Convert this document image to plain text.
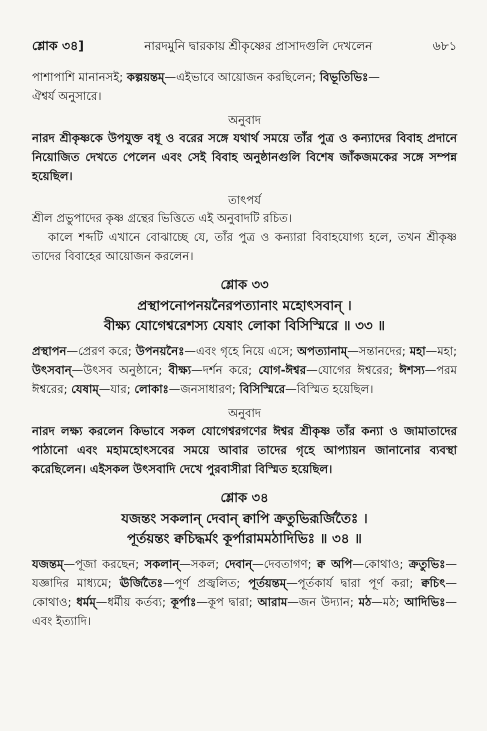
শ্লোক ৩৪]	নারদমুনি দ্বারকায় শ্রীকৃষ্ণের প্রাসাদগুলি দেখলেন	৬৮১

পাশাপাশি মানানসই; কল্পয়ন্তম্—এইভাবে আয়োজন করছিলেন; বিভূতিভিঃ—
ঐশ্বর্য অনুসারে।

অনুবাদ

নারদ শ্রীকৃষ্ণকে উপযুক্ত বধূ ও বরের সঙ্গে যথার্থ সময়ে তাঁর পুত্র ও কন্যাদের বিবাহ প্রদানে নিয়োজিত দেখতে পেলেন এবং সেই বিবাহ অনুষ্ঠানগুলি বিশেষ জাঁকজমকের সঙ্গে সম্পন্ন হয়েছিল।

তাৎপর্য

শ্রীল প্রভুপাদের কৃষ্ণ গ্রন্থের ভিত্তিতে এই অনুবাদটি রচিত।

কালে শব্দটি এখানে বোঝাচ্ছে যে, তাঁর পুত্র ও কন্যারা বিবাহযোগ্য হলে, তখন শ্রীকৃষ্ণ তাদের বিবাহের আয়োজন করলেন।

শ্লোক ৩৩

প্রস্থাপনোপনয়নৈরপত্যানাং মহোৎসবান্ ।

বীক্ষ্য যোগেশ্বরেশস্য যেষাং লোকা বিসিস্মিরে ॥ ৩৩ ॥

প্রস্থাপন—প্রেরণ করে; উপনয়নৈঃ—এবং গৃহে নিয়ে এসে; অপত্যানাম্—সন্তানদের; মহা—মহা; উৎসবান্—উৎসব অনুষ্ঠানে; বীক্ষ্য—দর্শন করে; যোগ-ঈশ্বর—যোগের ঈশ্বরের; ঈশস্য—পরম ঈশ্বরের; যেষাম্—যার; লোকাঃ—জনসাধারণ; বিসিস্মিরে—বিস্মিত হয়েছিল।

অনুবাদ

নারদ লক্ষ্য করলেন কিভাবে সকল যোগেশ্বরগণের ঈশ্বর শ্রীকৃষ্ণ তাঁর কন্যা ও জামাতাদের পাঠানো এবং মহামহোৎসবের সময়ে আবার তাদের গৃহে আপ্যায়ন জানানোর ব্যবস্থা করেছিলেন। এইসকল উৎসবাদি দেখে পুরবাসীরা বিস্মিত হয়েছিল।

শ্লোক ৩৪

যজন্তং সকলান্ দেবান্ ক্বাপি ক্রতুভিরূর্জিতৈঃ ।

পূর্তয়ন্তং ক্বচিদ্ধর্মং কূর্পারামমঠাদিভিঃ ॥ ৩৪ ॥

যজন্তম্—পূজা করছেন; সকলান্—সকল; দেবান্—দেবতাগণ; ক্ব অপি—কোথাও; ক্রতুভিঃ—যজ্ঞাদির মাধ্যমে; ঊর্জিতৈঃ—পূর্ণ প্রজ্বলিত; পূর্তয়ন্তম্—পূর্তকার্য দ্বারা পূর্ণ করা; ক্বচিৎ—কোথাও; ধর্মম্—ধর্মীয় কর্তব্য; কূর্পাঃ—কূপ দ্বারা; আরাম—জন উদ্যান; মঠ—মঠ; আদিভিঃ—এবং ইত্যাদি।
